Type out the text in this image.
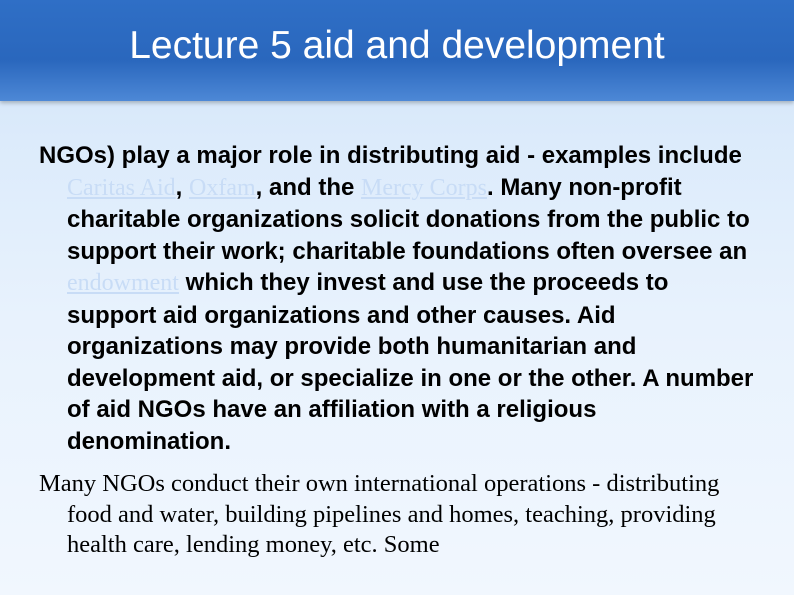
Lecture 5 aid and development

NGOs) play a major role in distributing aid - examples include Caritas Aid, Oxfam, and the Mercy Corps. Many non-profit charitable organizations solicit donations from the public to support their work; charitable foundations often oversee an endowment which they invest and use the proceeds to support aid organizations and other causes. Aid organizations may provide both humanitarian and development aid, or specialize in one or the other. A number of aid NGOs have an affiliation with a religious denomination.

Many NGOs conduct their own international operations - distributing food and water, building pipelines and homes, teaching, providing health care, lending money, etc. Some
